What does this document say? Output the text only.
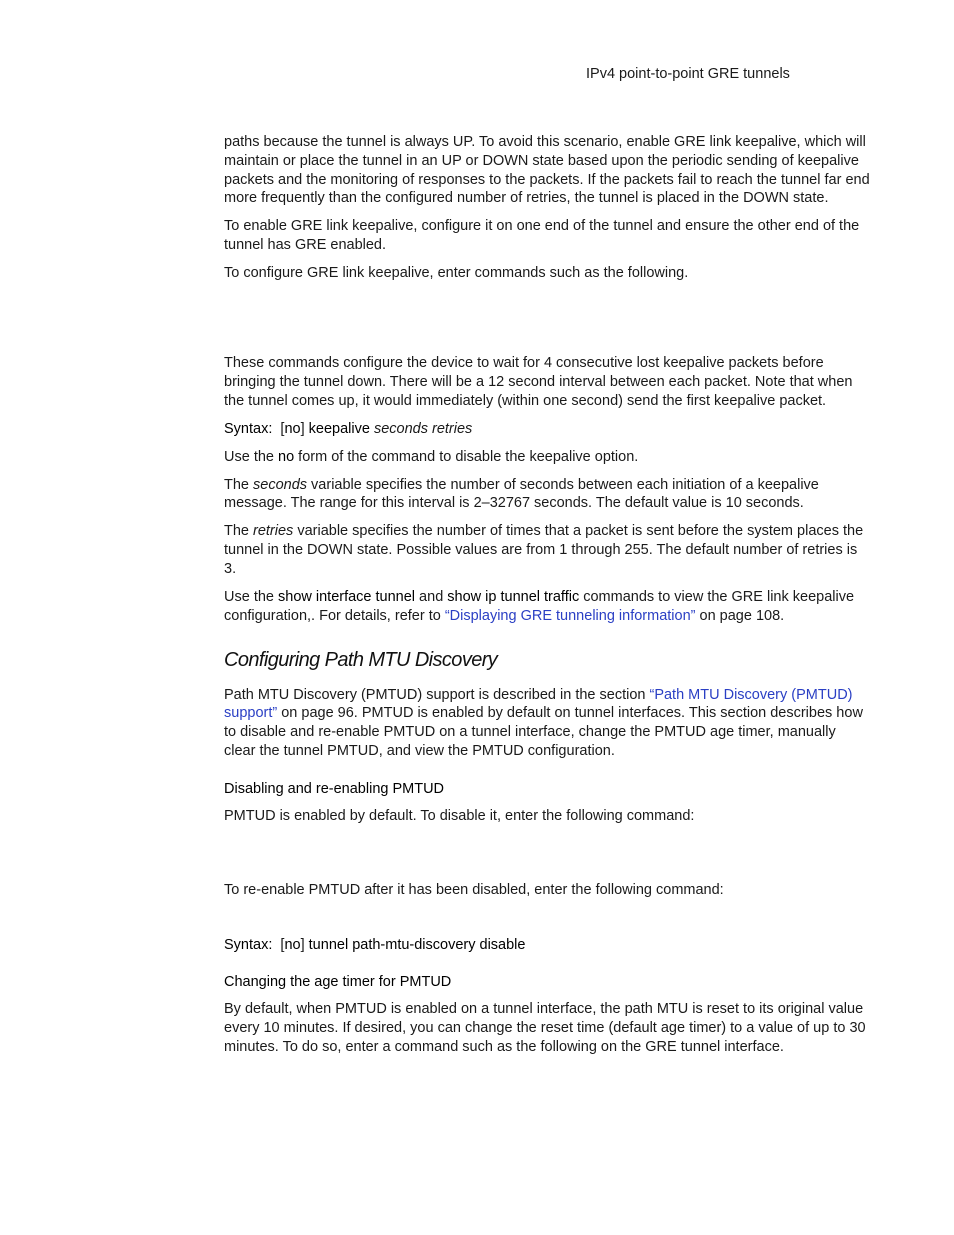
IPv4 point-to-point GRE tunnels

paths because the tunnel is always UP. To avoid this scenario, enable GRE link keepalive, which will maintain or place the tunnel in an UP or DOWN state based upon the periodic sending of keepalive packets and the monitoring of responses to the packets. If the packets fail to reach the tunnel far end more frequently than the configured number of retries, the tunnel is placed in the DOWN state.

To enable GRE link keepalive, configure it on one end of the tunnel and ensure the other end of the tunnel has GRE enabled.

To configure GRE link keepalive, enter commands such as the following.

These commands configure the device to wait for 4 consecutive lost keepalive packets before bringing the tunnel down. There will be a 12 second interval between each packet. Note that when the tunnel comes up, it would immediately (within one second) send the first keepalive packet.

Syntax: [no] keepalive seconds retries

Use the no form of the command to disable the keepalive option.

The seconds variable specifies the number of seconds between each initiation of a keepalive message. The range for this interval is 2–32767 seconds. The default value is 10 seconds.

The retries variable specifies the number of times that a packet is sent before the system places the tunnel in the DOWN state. Possible values are from 1 through 255. The default number of retries is 3.

Use the show interface tunnel and show ip tunnel traffic commands to view the GRE link keepalive configuration,. For details, refer to “Displaying GRE tunneling information” on page 108.

Configuring Path MTU Discovery

Path MTU Discovery (PMTUD) support is described in the section “Path MTU Discovery (PMTUD) support” on page 96. PMTUD is enabled by default on tunnel interfaces. This section describes how to disable and re-enable PMTUD on a tunnel interface, change the PMTUD age timer, manually clear the tunnel PMTUD, and view the PMTUD configuration.

Disabling and re-enabling PMTUD

PMTUD is enabled by default. To disable it, enter the following command:

To re-enable PMTUD after it has been disabled, enter the following command:

Syntax: [no] tunnel path-mtu-discovery disable

Changing the age timer for PMTUD

By default, when PMTUD is enabled on a tunnel interface, the path MTU is reset to its original value every 10 minutes. If desired, you can change the reset time (default age timer) to a value of up to 30 minutes. To do so, enter a command such as the following on the GRE tunnel interface.
